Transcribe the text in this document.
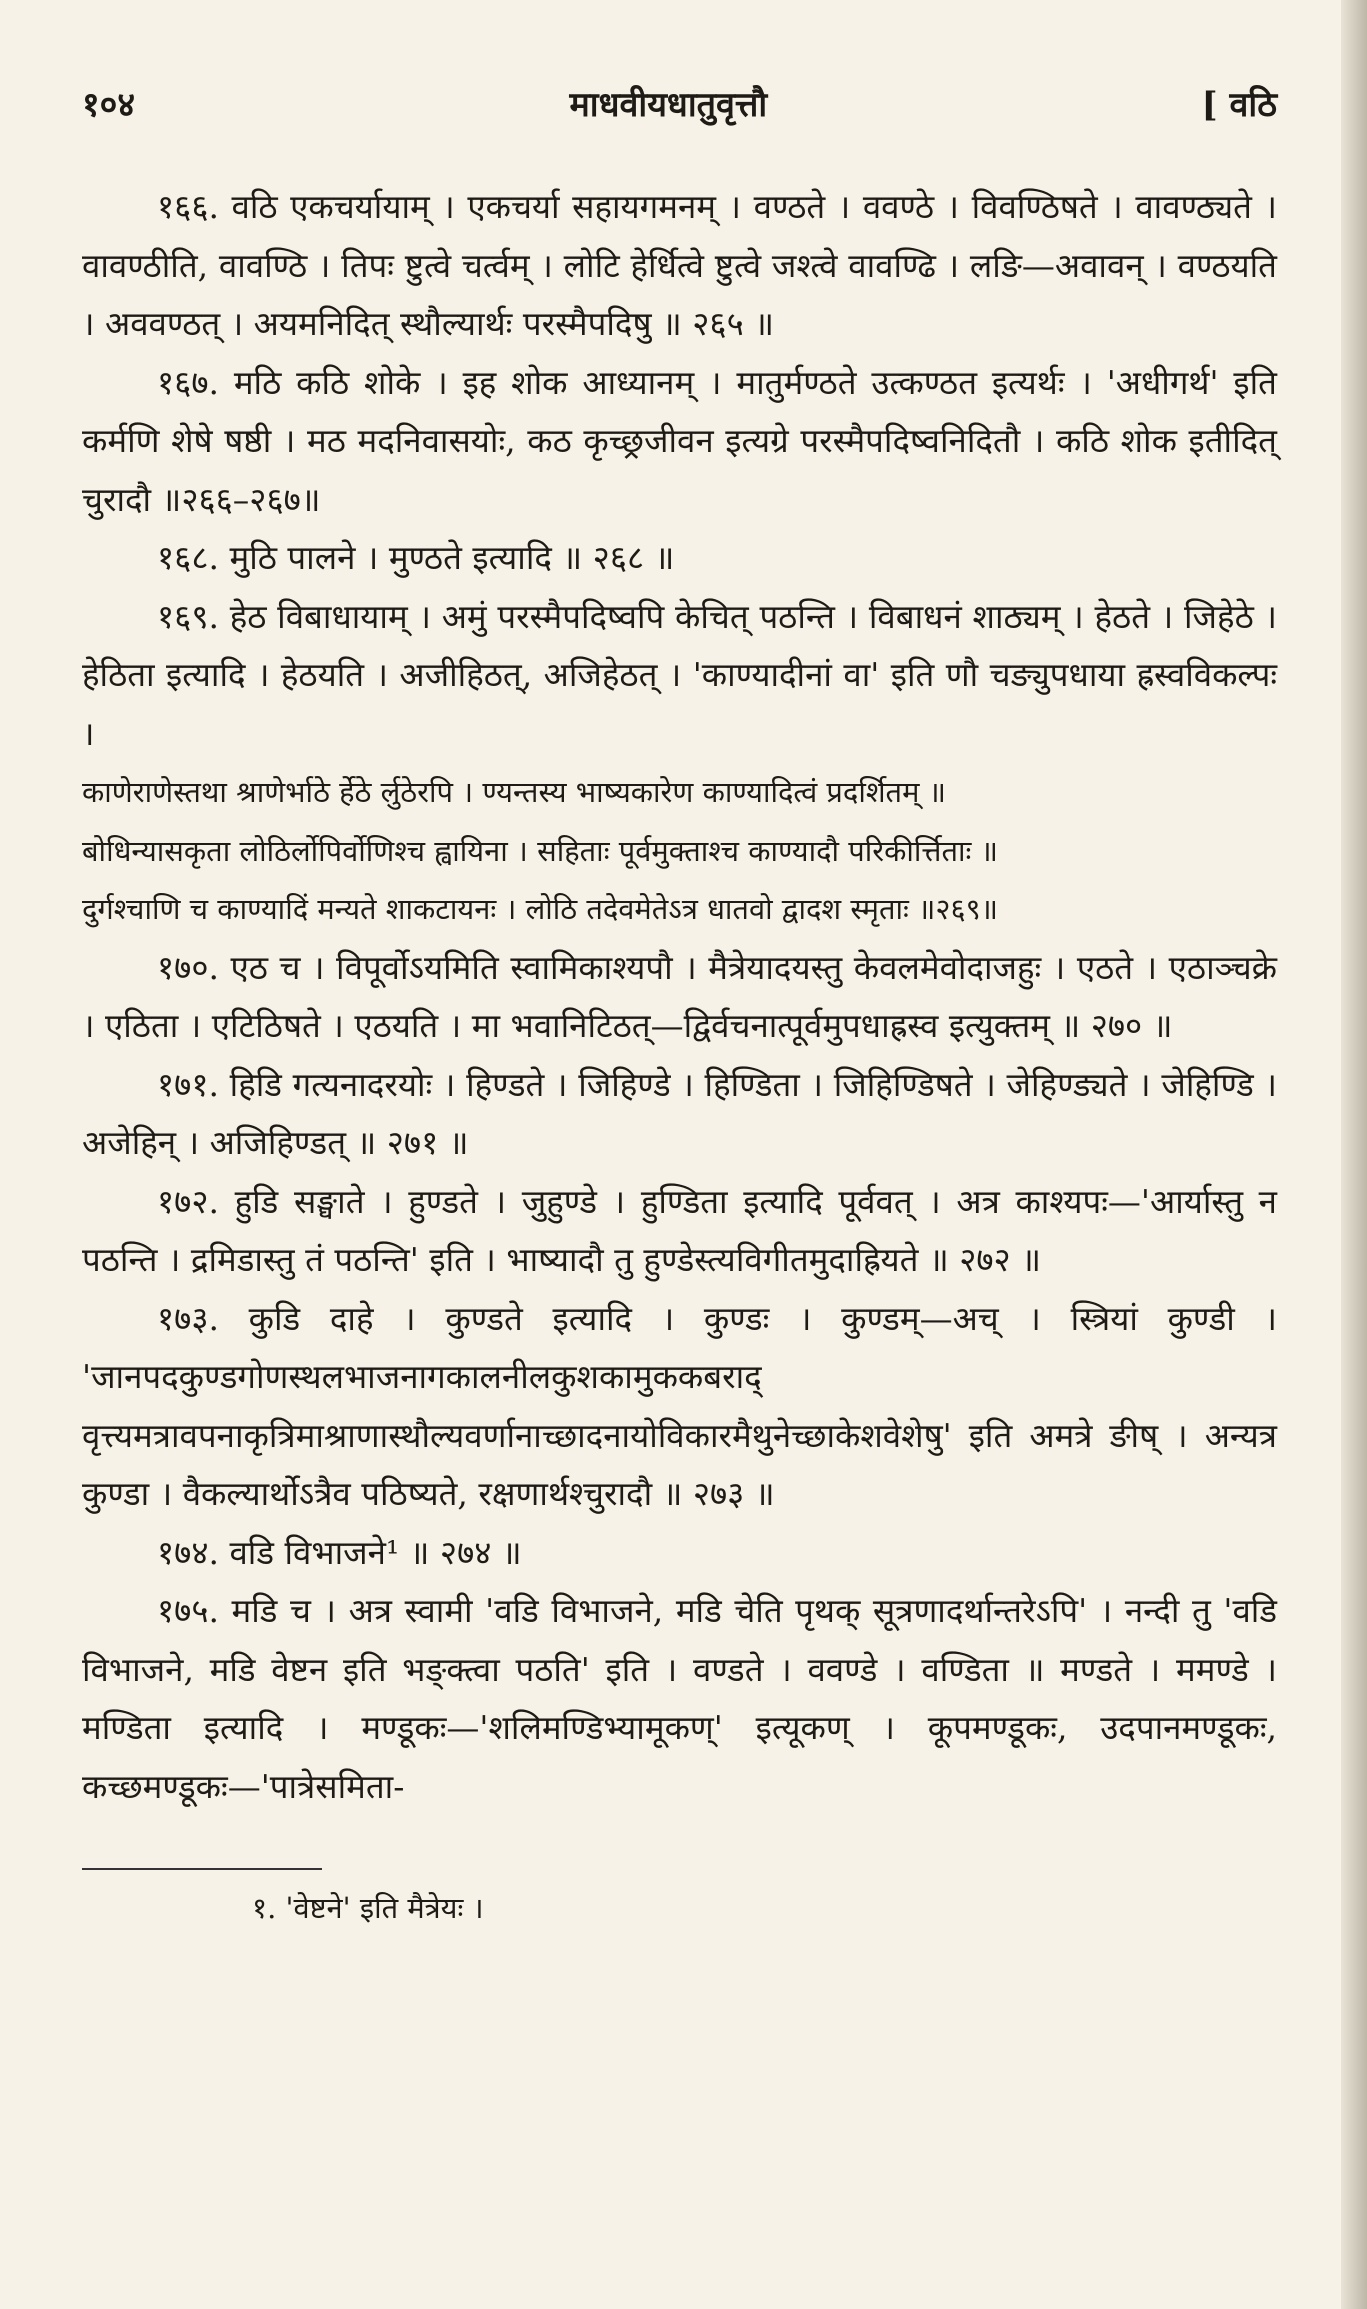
१०४	माधवीयधातुवृत्तौ	[ वठि

१६६. वठि एकचर्यायाम् । एकचर्या सहायगमनम् । वण्ठते । ववण्ठे । विवण्ठिषते । वावण्ठ्यते । वावण्ठीति, वावण्ठि । तिपः ष्टुत्वे चर्त्वम् । लोटि हेर्धित्वे ष्टुत्वे जश्त्वे वावण्ढि । लङि—अवावन् । वण्ठयति । अववण्ठत् । अयमनिदित् स्थौल्यार्थः परस्मैपदिषु ॥ २६५ ॥

१६७. मठि कठि शोके । इह शोक आध्यानम् । मातुर्मण्ठते उत्कण्ठत इत्यर्थः । 'अधीगर्थ' इति कर्मणि शेषे षष्ठी । मठ मदनिवासयोः, कठ कृच्छ्रजीवन इत्यग्रे परस्मैपदिष्वनिदितौ । कठि शोक इतीदित् चुरादौ ॥२६६–२६७॥

१६८. मुठि पालने । मुण्ठते इत्यादि ॥ २६८ ॥

१६९. हेठ विबाधायाम् । अमुं परस्मैपदिष्वपि केचित् पठन्ति । विबाधनं शाठ्यम् । हेठते । जिहेठे । हेठिता इत्यादि । हेठयति । अजीहिठत्, अजिहेठत् । 'काण्यादीनां वा' इति णौ चङ्युपधाया ह्रस्वविकल्पः ।

काणेराणेस्तथा श्राणेर्भाठे र्हेठे र्लुठेरपि । ण्यन्तस्य भाष्यकारेण काण्यादित्वं प्रदर्शितम् ॥

बोधिन्यासकृता लोठिर्लोपिर्वोणिश्च ह्वायिना । सहिताः पूर्वमुक्ताश्च काण्यादौ परिकीर्त्तिताः ॥

दुर्गश्चाणि च काण्यादिं मन्यते शाकटायनः । लोठि तदेवमेतेऽत्र धातवो द्वादश स्मृताः ॥२६९॥

१७०. एठ च । विपूर्वोऽयमिति स्वामिकाश्यपौ । मैत्रेयादयस्तु केवलमेवोदाजहुः । एठते । एठाञ्चक्रे । एठिता । एटिठिषते । एठयति । मा भवानिटिठत्—द्विर्वचनात्पूर्वमुपधाह्रस्व इत्युक्तम् ॥ २७० ॥

१७१. हिडि गत्यनादरयोः । हिण्डते । जिहिण्डे । हिण्डिता । जिहिण्डिषते । जेहिण्ड्यते । जेहिण्डि । अजेहिन् । अजिहिण्डत् ॥ २७१ ॥

१७२. हुडि सङ्घाते । हुण्डते । जुहुण्डे । हुण्डिता इत्यादि पूर्ववत् । अत्र काश्यपः—'आर्यास्तु न पठन्ति । द्रमिडास्तु तं पठन्ति' इति । भाष्यादौ तु हुण्डेस्त्यविगीतमुदाह्रियते ॥ २७२ ॥

१७३. कुडि दाहे । कुण्डते इत्यादि । कुण्डः । कुण्डम्—अच् । स्त्रियां कुण्डी । 'जानपदकुण्डगोणस्थलभाजनागकालनीलकुशकामुककबराद् वृत्त्यमत्रावपनाकृत्रिमाश्राणास्थौल्यवर्णानाच्छादनायोविकारमैथुनेच्छाकेशवेशेषु' इति अमत्रे ङीष् । अन्यत्र कुण्डा । वैकल्यार्थोऽत्रैव पठिष्यते, रक्षणार्थश्चुरादौ ॥ २७३ ॥

१७४. वडि विभाजने¹ ॥ २७४ ॥

१७५. मडि च । अत्र स्वामी 'वडि विभाजने, मडि चेति पृथक् सूत्रणादर्थान्तरेऽपि' । नन्दी तु 'वडि विभाजने, मडि वेष्टन इति भङ्क्त्वा पठति' इति । वण्डते । ववण्डे । वण्डिता ॥ मण्डते । ममण्डे । मण्डिता इत्यादि । मण्डूकः—'शलिमण्डिभ्यामूकण्' इत्यूकण् । कूपमण्डूकः, उदपानमण्डूकः, कच्छमण्डूकः—'पात्रेसमिता-

१. 'वेष्टने' इति मैत्रेयः ।
